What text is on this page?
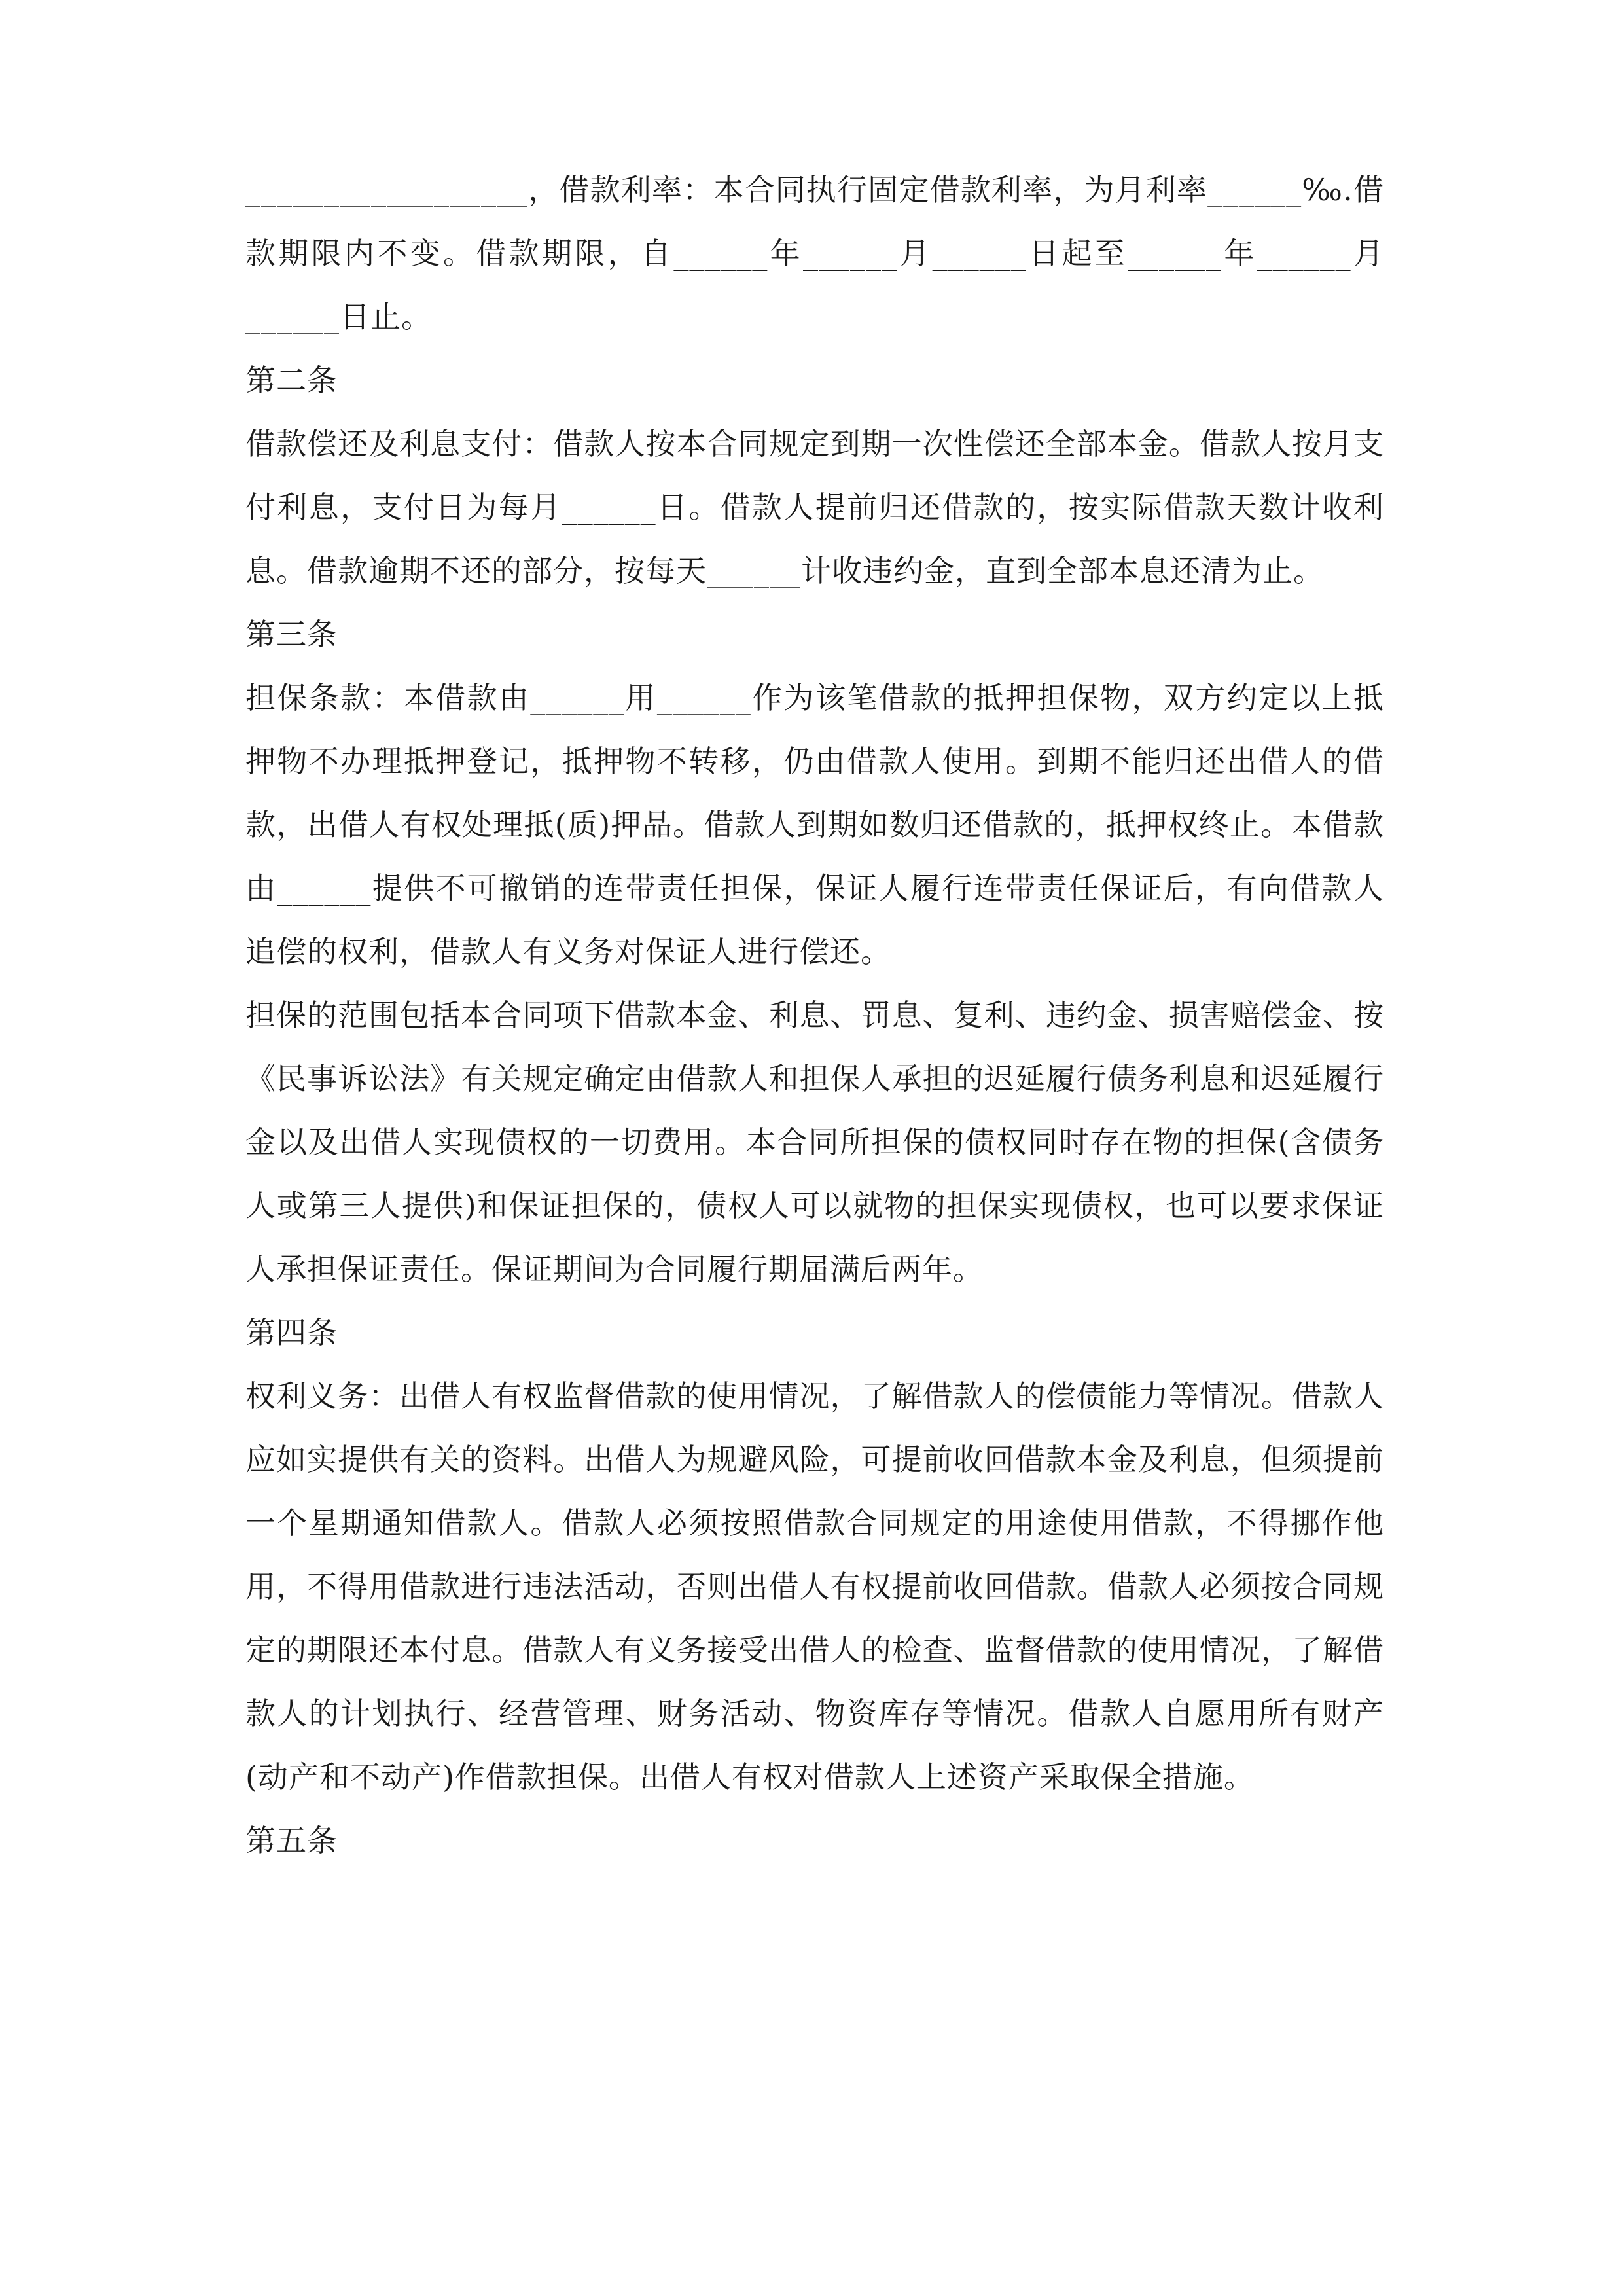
__________________，借款利率：本合同执行固定借款利率，为月利率______‰.借款期限内不变。借款期限，自______年______月______日起至______年______月______日止。

第二条

借款偿还及利息支付：借款人按本合同规定到期一次性偿还全部本金。借款人按月支付利息，支付日为每月______日。借款人提前归还借款的，按实际借款天数计收利息。借款逾期不还的部分，按每天______计收违约金，直到全部本息还清为止。

第三条

担保条款：本借款由______用______作为该笔借款的抵押担保物，双方约定以上抵押物不办理抵押登记，抵押物不转移，仍由借款人使用。到期不能归还出借人的借款，出借人有权处理抵(质)押品。借款人到期如数归还借款的，抵押权终止。本借款由______提供不可撤销的连带责任担保，保证人履行连带责任保证后，有向借款人追偿的权利，借款人有义务对保证人进行偿还。

担保的范围包括本合同项下借款本金、利息、罚息、复利、违约金、损害赔偿金、按《民事诉讼法》有关规定确定由借款人和担保人承担的迟延履行债务利息和迟延履行金以及出借人实现债权的一切费用。本合同所担保的债权同时存在物的担保(含债务人或第三人提供)和保证担保的，债权人可以就物的担保实现债权，也可以要求保证人承担保证责任。保证期间为合同履行期届满后两年。

第四条

权利义务：出借人有权监督借款的使用情况，了解借款人的偿债能力等情况。借款人应如实提供有关的资料。出借人为规避风险，可提前收回借款本金及利息，但须提前一个星期通知借款人。借款人必须按照借款合同规定的用途使用借款，不得挪作他用，不得用借款进行违法活动，否则出借人有权提前收回借款。借款人必须按合同规定的期限还本付息。借款人有义务接受出借人的检查、监督借款的使用情况，了解借款人的计划执行、经营管理、财务活动、物资库存等情况。借款人自愿用所有财产(动产和不动产)作借款担保。出借人有权对借款人上述资产采取保全措施。

第五条
